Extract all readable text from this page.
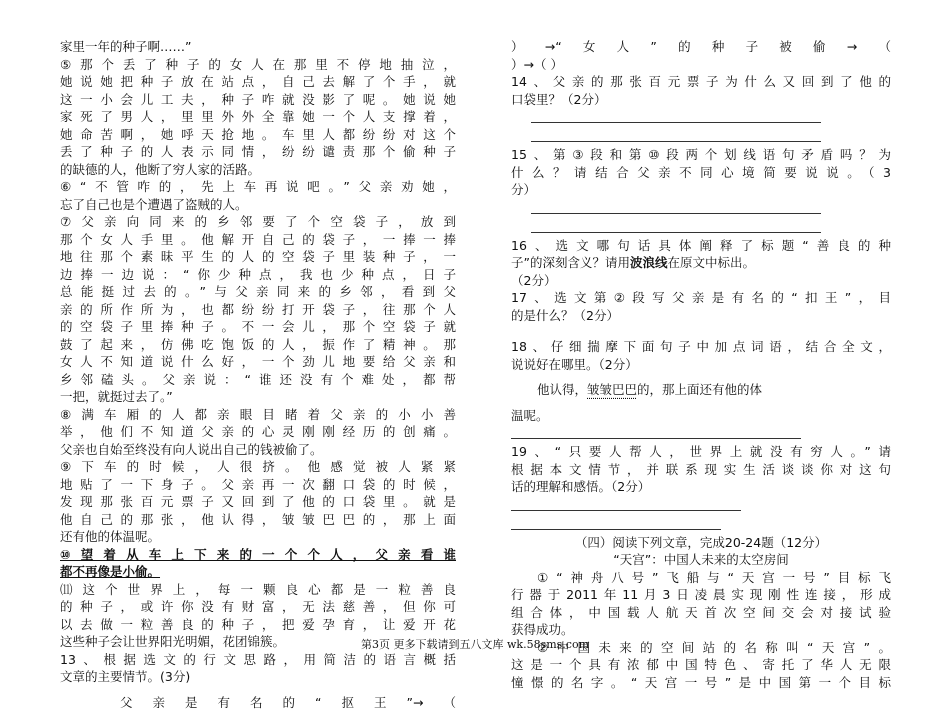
家里一年的种子啊……”
⑤那个丢了种子的女人在那里不停地抽泣，
她说她把种子放在站点，自己去解了个手，就
这一小会儿工夫，种子咋就没影了呢。她说她
家死了男人，里里外外全靠她一个人支撑着，
她命苦啊，她呼天抢地。车里人都纷纷对这个
丢了种子的人表示同情，纷纷谴责那个偷种子
的缺德的人，他断了穷人家的活路。
⑥“不管咋的，先上车再说吧。”父亲劝她，
忘了自己也是个遭遇了盗贼的人。
⑦父亲向同来的乡邻要了个空袋子，放到
那个女人手里。他解开自己的袋子，一捧一捧
地往那个素昧平生的人的空袋子里装种子，一
边捧一边说：“你少种点，我也少种点，日子
总能挺过去的。”与父亲同来的乡邻，看到父
亲的所作所为，也都纷纷打开袋子，往那个人
的空袋子里捧种子。不一会儿，那个空袋子就
鼓了起来，仿佛吃饱饭的人，振作了精神。那
女人不知道说什么好，一个劲儿地要给父亲和
乡邻磕头。父亲说：“谁还没有个难处，都帮
一把，就挺过去了。”
⑧满车厢的人都亲眼目睹着父亲的小小善
举，他们不知道父亲的心灵刚刚经历的创痛。
父亲也自始至终没有向人说出自己的钱被偷了。
⑨下车的时候，人很挤。他感觉被人紧紧
地贴了一下身子。父亲再一次翻口袋的时候，
发现那张百元票子又回到了他的口袋里。就是
他自己的那张，他认得，皱皱巴巴的，那上面
还有他的体温呢。
⑩望着从车上下来的一个个人，父亲看谁
都不再像是小偷。
⑾这个世界上，每一颗良心都是一粒善良
的种子，或许你没有财富，无法慈善，但你可
以去做一粒善良的种子，把爱孕育，让爱开花
这些种子会让世界阳光明媚，花团锦簇。
13、根据选文的行文思路，用简洁的语言概括
文章的主要情节。(3分)
父亲是有名的“抠王”→（
）→“女人”的种子被偷→（
）→（ ）
14、父亲的那张百元票子为什么又回到了他的
口袋里？（2分）
15、第③段和第⑩段两个划线语句矛盾吗？为
什么？请结合父亲不同心境简要说说。（3
分）
16、选文哪句话具体阐释了标题“善良的种
子”的深刻含义？请用波浪线在原文中标出。
（2分）
17、选文第②段写父亲是有名的“扣王”，目
的是什么？（2分）
18、仔细揣摩下面句子中加点词语，结合全文，
说说好在哪里。（2分）
他认得，皱皱巴巴的，那上面还有他的体
温呢。
19、“只要人帮人，世界上就没有穷人。”请
根据本文情节，并联系现实生活谈谈你对这句
话的理解和感悟。（2分）
（四）阅读下列文章，完成20-24题（12分）
“天宫”：中国人未来的太空房间
①“神舟八号”飞船与“天宫一号”目标飞
行器于2011年11月3日凌晨实现刚性连接，形成
组合体，中国载人航天首次空间交会对接试验
获得成功。
②中国未来的空间站的名称叫“天宫”。
这是一个具有浓郁中国特色、寄托了华人无限
憧憬的名字。“天宫一号”是中国第一个目标
第3页 更多下载请到五八文库 wk.58sms.com
